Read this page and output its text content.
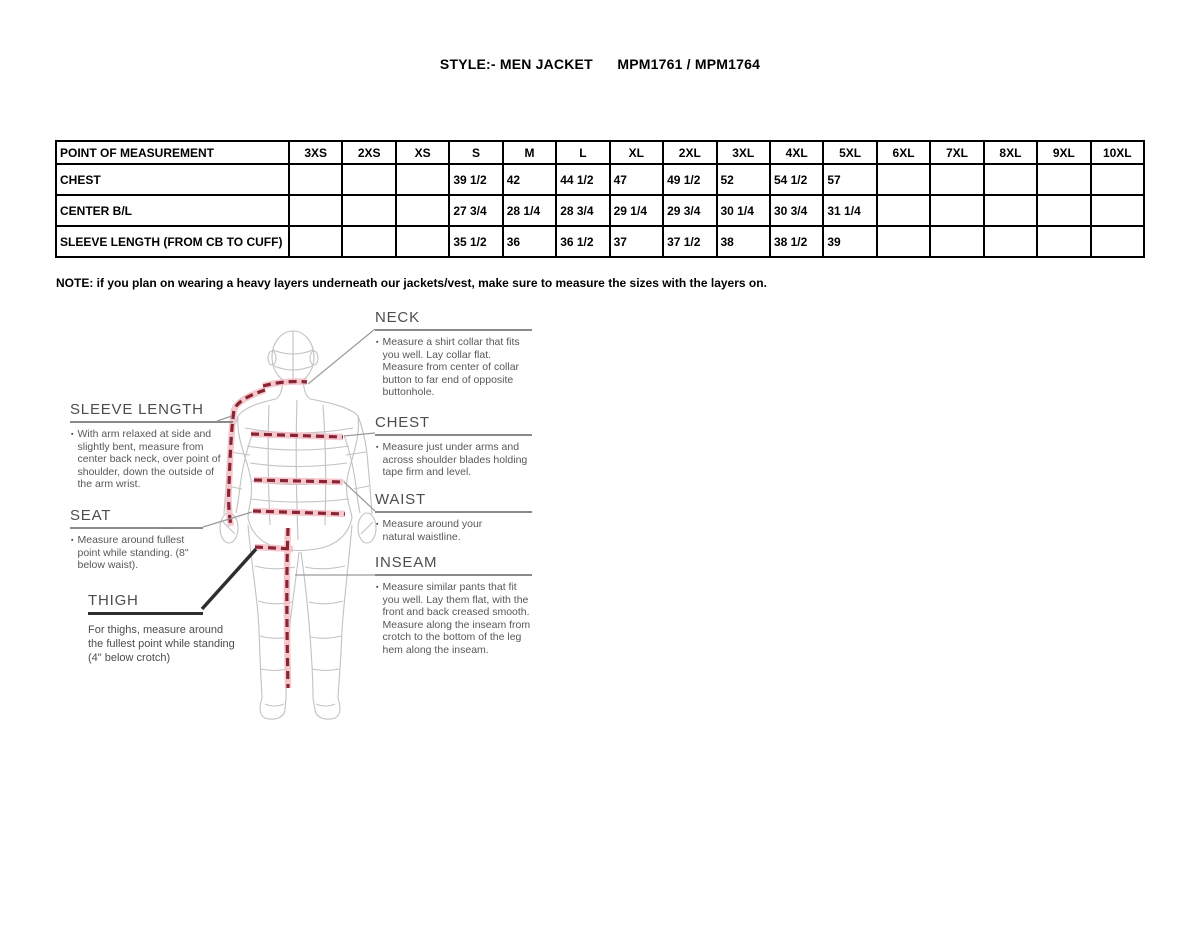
STYLE:- MEN JACKET      MPM1761 / MPM1764
POINT OF MEASUREMENT	3XS	2XS	XS	S	M	L	XL	2XL	3XL	4XL	5XL	6XL	7XL	8XL	9XL	10XL
CHEST				39 1/2	42	44 1/2	47	49 1/2	52	54 1/2	57					
CENTER B/L				27 3/4	28 1/4	28 3/4	29 1/4	29 3/4	30 1/4	30 3/4	31 1/4					
SLEEVE LENGTH (FROM CB TO CUFF)				35 1/2	36	36 1/2	37	37 1/2	38	38 1/2	39					
NOTE: if you plan on wearing a heavy layers underneath our jackets/vest, make sure to measure the sizes with the layers on.
NECK
▪ Measure a shirt collar that fits you well. Lay collar flat. Measure from center of collar button to far end of opposite buttonhole.
CHEST
▪ Measure just under arms and across shoulder blades holding tape firm and level.
WAIST
▪ Measure around your natural waistline.
INSEAM
▪ Measure similar pants that fit you well. Lay them flat, with the front and back creased smooth. Measure along the inseam from crotch to the bottom of the leg hem along the inseam.
SLEEVE LENGTH
▪ With arm relaxed at side and slightly bent, measure from center back neck, over point of shoulder, down the outside of the arm wrist.
SEAT
▪ Measure around fullest point while standing. (8" below waist).
THIGH
For thighs, measure around the fullest point while standing (4" below crotch)
